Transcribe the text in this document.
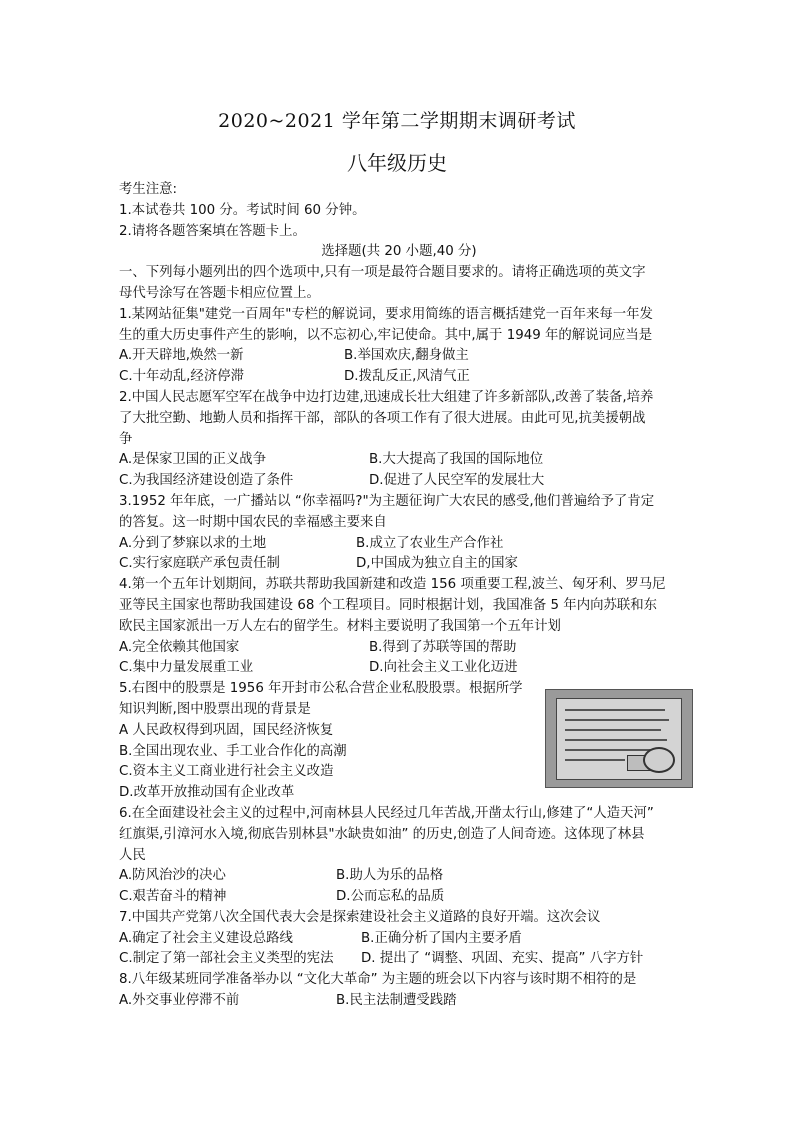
2020~2021 学年第二学期期末调研考试
八年级历史
考生注意:
1.本试卷共 100 分。考试时间 60 分钟。
2.请将各题答案填在答题卡上。
选择题(共 20 小题,40 分)
一、下列每小题列出的四个选项中,只有一项是最符合题目要求的。请将正确选项的英文字
母代号涂写在答题卡相应位置上。
1.某网站征集"建党一百周年"专栏的解说词，要求用简练的语言概括建党一百年来每一年发
生的重大历史事件产生的影响，以不忘初心,牢记使命。其中,属于 1949 年的解说词应当是
A.开天辟地,焕然一新	B.举国欢庆,翻身做主
C.十年动乱,经济停滞	D.拨乱反正,风清气正
2.中国人民志愿军空军在战争中边打边建,迅速成长壮大组建了许多新部队,改善了装备,培养
了大批空勤、地勤人员和指挥干部，部队的各项工作有了很大进展。由此可见,抗美援朝战
争
A.是保家卫国的正义战争	B.大大提高了我国的国际地位
C.为我国经济建设创造了条件	D.促进了人民空军的发展壮大
3.1952 年年底，一广播站以 “你幸福吗?"为主题征询广大农民的感受,他们普遍给予了肯定
的答复。这一时期中国农民的幸福感主要来自
A.分到了梦寐以求的土地	B.成立了农业生产合作社
C.实行家庭联产承包责任制	D,中国成为独立自主的国家
4.第一个五年计划期间，苏联共帮助我国新建和改造 156 项重要工程,波兰、匈牙利、罗马尼
亚等民主国家也帮助我国建设 68 个工程项目。同时根据计划，我国准备 5 年内向苏联和东
欧民主国家派出一万人左右的留学生。材料主要说明了我国第一个五年计划
A.完全依赖其他国家	B.得到了苏联等国的帮助
C.集中力量发展重工业	D.向社会主义工业化迈进
5.右图中的股票是 1956 年开封市公私合营企业私股股票。根据所学
知识判断,图中股票出现的背景是
A 人民政权得到巩固，国民经济恢复
B.全国出现农业、手工业合作化的高潮
C.资本主义工商业进行社会主义改造
D.改革开放推动国有企业改革
6.在全面建设社会主义的过程中,河南林县人民经过几年苦战,开凿太行山,修建了“人造天河”
红旗渠,引漳河水入境,彻底告别林县"水缺贵如油” 的历史,创造了人间奇迹。这体现了林县
人民
A.防风治沙的决心	B.助人为乐的品格
C.艰苦奋斗的精神	D.公而忘私的品质
7.中国共产党第八次全国代表大会是探索建设社会主义道路的良好开端。这次会议
A.确定了社会主义建设总路线	B.正确分析了国内主要矛盾
C.制定了第一部社会主义类型的宪法	D. 提出了 “调整、巩固、充实、提高” 八字方针
8.八年级某班同学准备举办以 “文化大革命” 为主题的班会以下内容与该时期不相符的是
A.外交事业停滞不前	B.民主法制遭受践踏
